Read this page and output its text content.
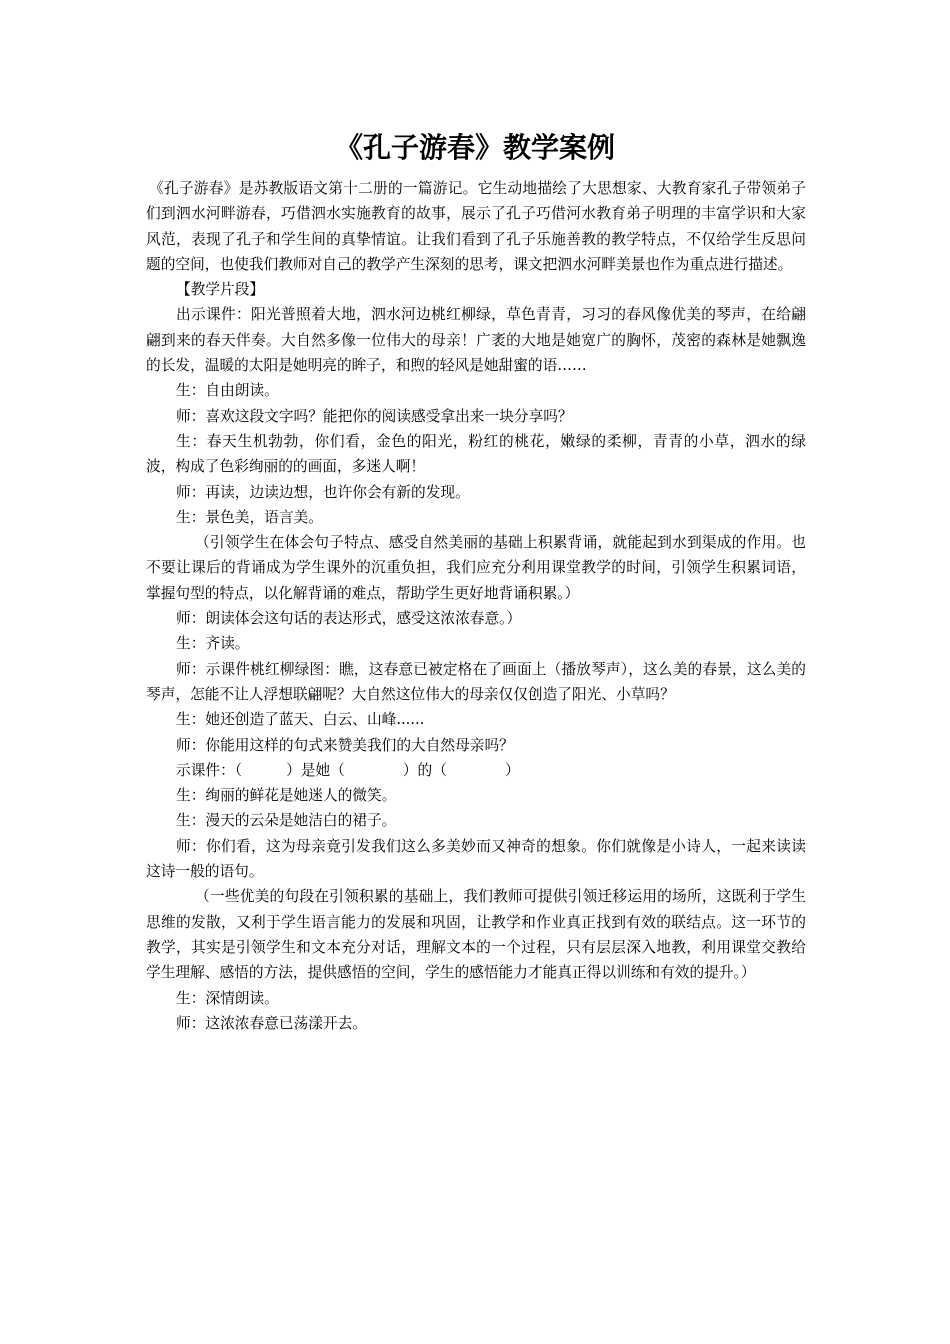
《孔子游春》教学案例

《孔子游春》是苏教版语文第十二册的一篇游记。它生动地描绘了大思想家、大教育家孔子带领弟子们到泗水河畔游春，巧借泗水实施教育的故事，展示了孔子巧借河水教育弟子明理的丰富学识和大家风范，表现了孔子和学生间的真挚情谊。让我们看到了孔子乐施善教的教学特点，不仅给学生反思问题的空间，也使我们教师对自己的教学产生深刻的思考，课文把泗水河畔美景也作为重点进行描述。

【教学片段】

出示课件：阳光普照着大地，泗水河边桃红柳绿，草色青青，习习的春风像优美的琴声，在给翩翩到来的春天伴奏。大自然多像一位伟大的母亲！广袤的大地是她宽广的胸怀，茂密的森林是她飘逸的长发，温暖的太阳是她明亮的眸子，和煦的轻风是她甜蜜的语……

生：自由朗读。

师：喜欢这段文字吗？能把你的阅读感受拿出来一块分享吗？

生：春天生机勃勃，你们看，金色的阳光，粉红的桃花，嫩绿的柔柳，青青的小草，泗水的绿波，构成了色彩绚丽的的画面，多迷人啊！

师：再读，边读边想，也许你会有新的发现。

生：景色美，语言美。

（引领学生在体会句子特点、感受自然美丽的基础上积累背诵，就能起到水到渠成的作用。也不要让课后的背诵成为学生课外的沉重负担，我们应充分利用课堂教学的时间，引领学生积累词语，掌握句型的特点，以化解背诵的难点，帮助学生更好地背诵积累。）

师：朗读体会这句话的表达形式，感受这浓浓春意。）

生：齐读。

师：示课件桃红柳绿图：瞧，这春意已被定格在了画面上（播放琴声），这么美的春景，这么美的琴声，怎能不让人浮想联翩呢？大自然这位伟大的母亲仅仅创造了阳光、小草吗？

生：她还创造了蓝天、白云、山峰......

师：你能用这样的句式来赞美我们的大自然母亲吗？

示课件：（	）是她（	）的（	）

生：绚丽的鲜花是她迷人的微笑。

生：漫天的云朵是她洁白的裙子。

师：你们看，这为母亲竟引发我们这么多美妙而又神奇的想象。你们就像是小诗人，一起来读读这诗一般的语句。

（一些优美的句段在引领积累的基础上，我们教师可提供引领迁移运用的场所，这既利于学生思维的发散，又利于学生语言能力的发展和巩固，让教学和作业真正找到有效的联结点。这一环节的教学，其实是引领学生和文本充分对话，理解文本的一个过程，只有层层深入地教，利用课堂交教给学生理解、感悟的方法，提供感悟的空间，学生的感悟能力才能真正得以训练和有效的提升。）

生：深情朗读。

师：这浓浓春意已荡漾开去。
